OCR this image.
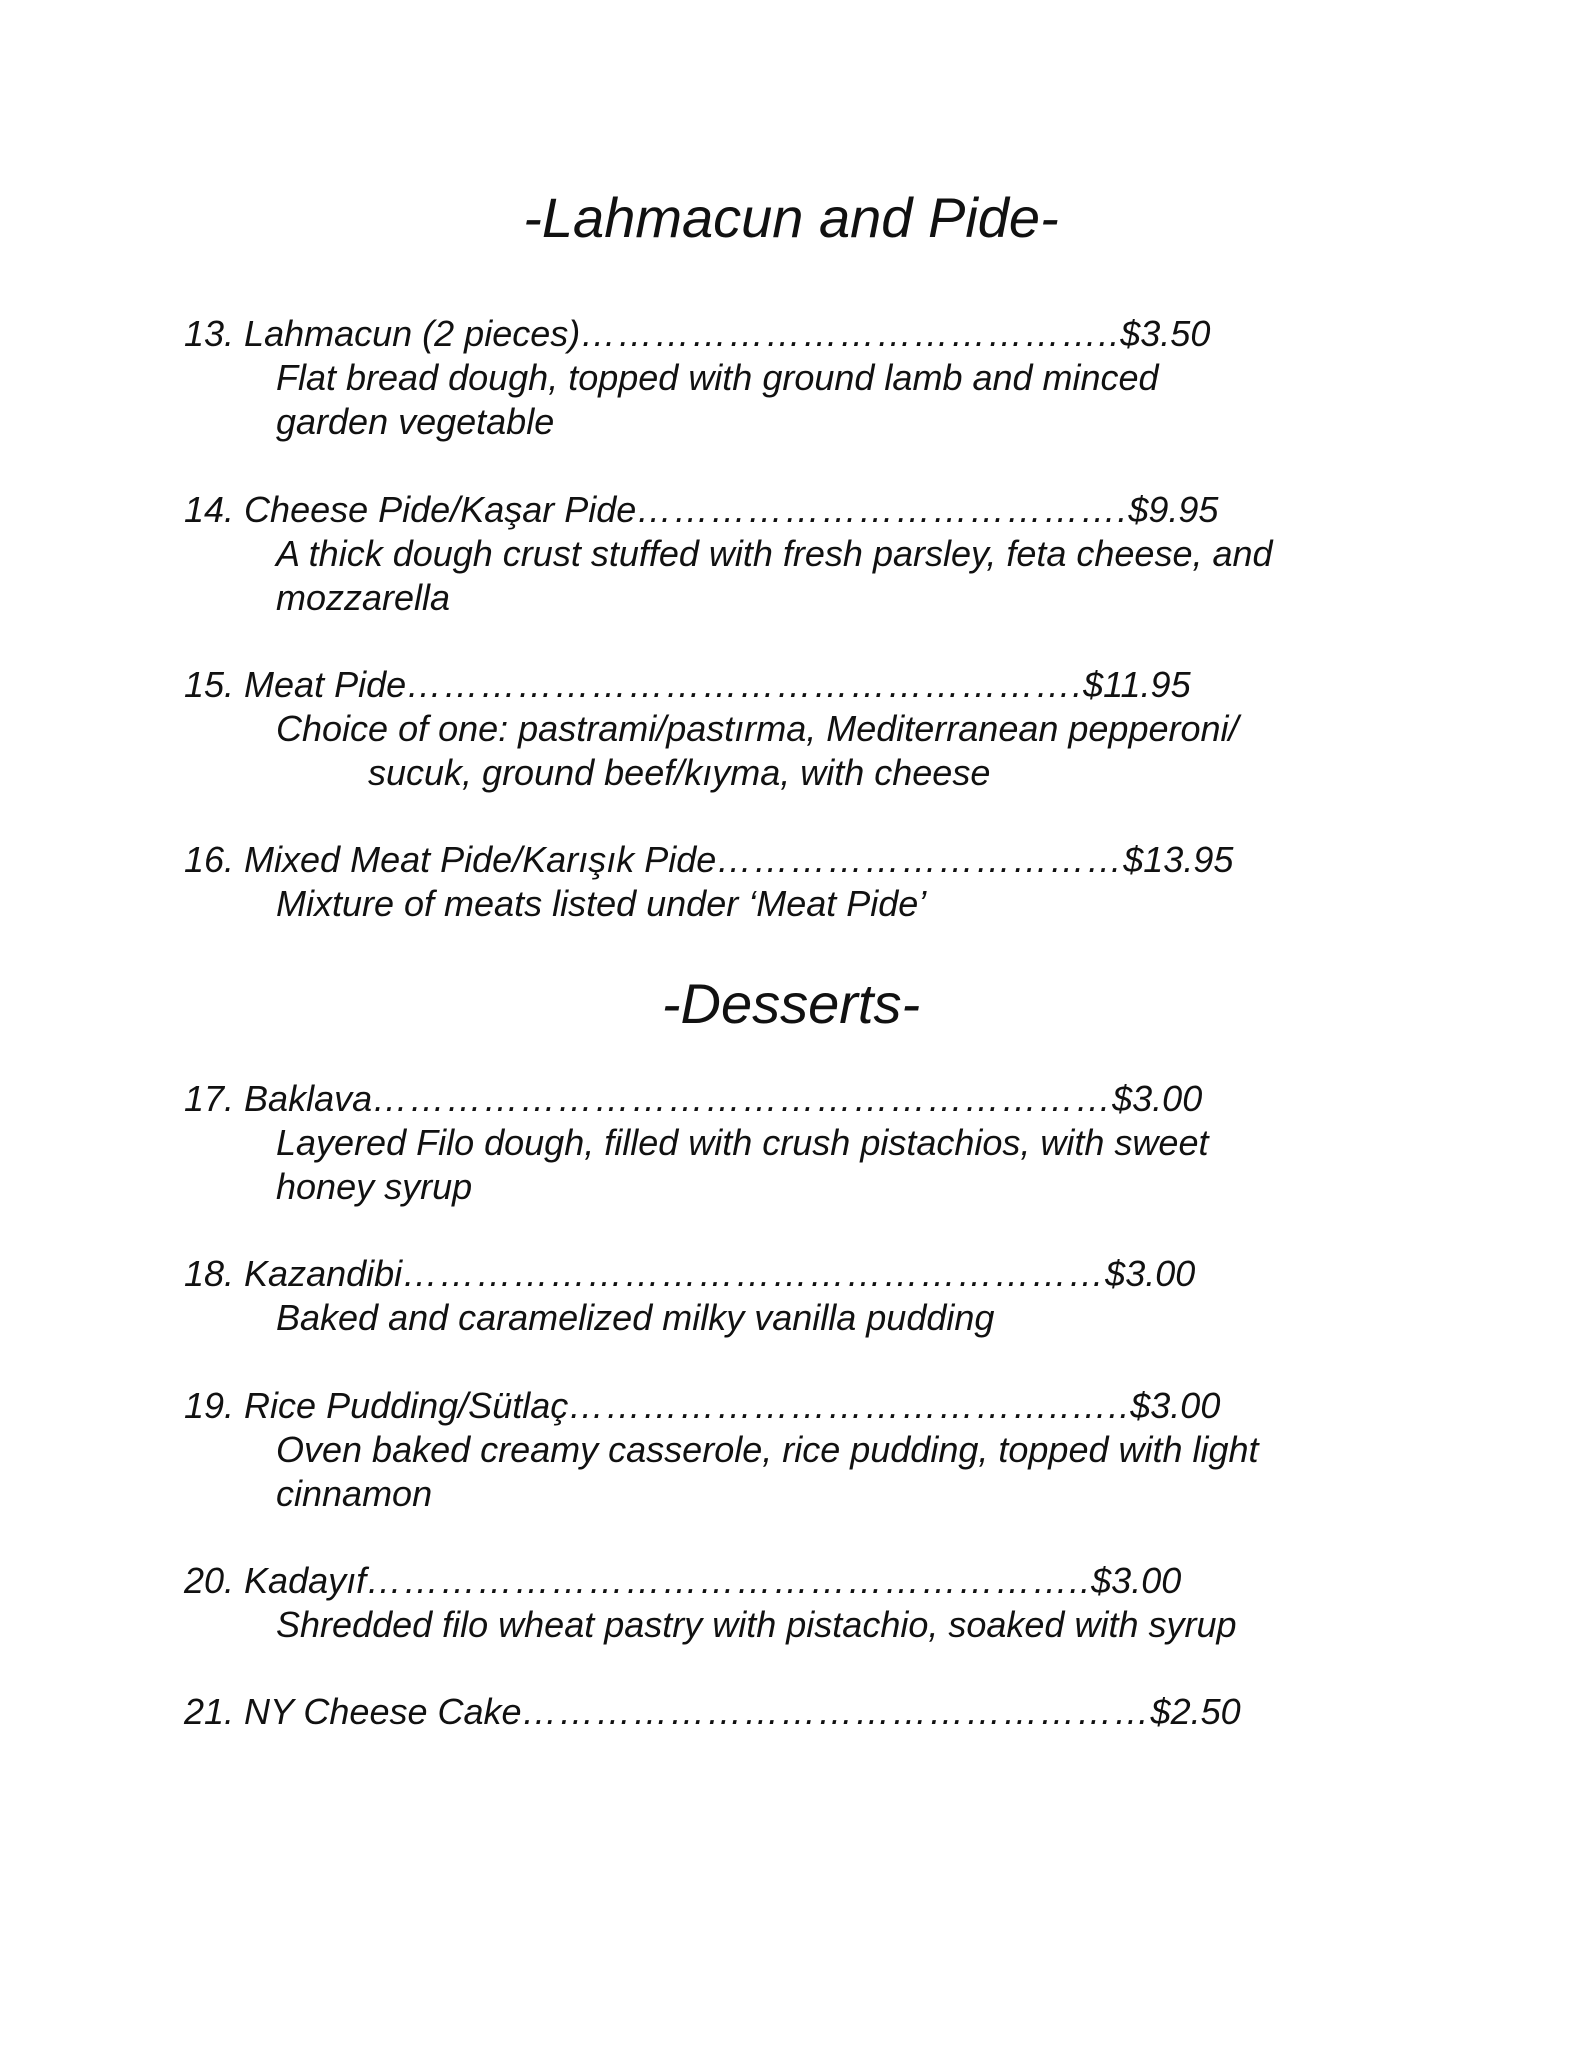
-Lahmacun and Pide-
13. Lahmacun (2 pieces) …………………………………….. $3.50
Flat bread dough, topped with ground lamb and minced
garden vegetable
14. Cheese Pide/Kaşar Pide …………………………………. $9.95
A thick dough crust stuffed with fresh parsley, feta cheese, and
mozzarella
15. Meat Pide ………………………………………………. $11.95
Choice of one: pastrami/pastırma, Mediterranean pepperoni/
sucuk, ground beef/kıyma, with cheese
16. Mixed Meat Pide/Karışık Pide …………………………… $13.95
Mixture of meats listed under ‘Meat Pide’
-Desserts-
17. Baklava …………………………………………………… $3.00
Layered Filo dough, filled with crush pistachios, with sweet
honey syrup
18. Kazandibi ………………………………………………… $3.00
Baked and caramelized milky vanilla pudding
19. Rice Pudding/Sütlaç …………………………………..….. $3.00
Oven baked creamy casserole, rice pudding, topped with light
cinnamon
20. Kadayıf ………………………………………………….. $3.00
Shredded filo wheat pastry with pistachio, soaked with syrup
21. NY Cheese Cake …………………………………………… $2.50
